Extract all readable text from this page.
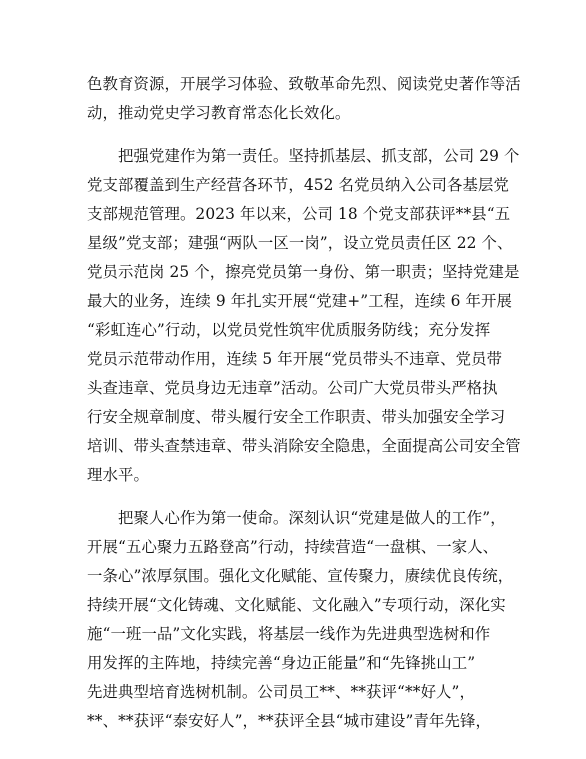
色教育资源，开展学习体验、致敬革命先烈、阅读党史著作等活
动，推动党史学习教育常态化长效化。
　　把强党建作为第一责任。坚持抓基层、抓支部，公司 29 个
党支部覆盖到生产经营各环节，452 名党员纳入公司各基层党
支部规范管理。2023 年以来，公司 18 个党支部获评**县“五
星级”党支部；建强“两队一区一岗”，设立党员责任区 22 个、
党员示范岗 25 个，擦亮党员第一身份、第一职责；坚持党建是
最大的业务，连续 9 年扎实开展“党建+”工程，连续 6 年开展
“彩虹连心”行动，以党员党性筑牢优质服务防线；充分发挥
党员示范带动作用，连续 5 年开展“党员带头不违章、党员带
头查违章、党员身边无违章”活动。公司广大党员带头严格执
行安全规章制度、带头履行安全工作职责、带头加强安全学习
培训、带头查禁违章、带头消除安全隐患，全面提高公司安全管
理水平。
　　把聚人心作为第一使命。深刻认识“党建是做人的工作”，
开展“五心聚力五路登高”行动，持续营造“一盘棋、一家人、
一条心”浓厚氛围。强化文化赋能、宣传聚力，赓续优良传统，
持续开展“文化铸魂、文化赋能、文化融入”专项行动，深化实
施“一班一品”文化实践，将基层一线作为先进典型选树和作
用发挥的主阵地，持续完善“身边正能量”和“先锋挑山工”
先进典型培育选树机制。公司员工**、**获评“**好人”，
**、**获评“泰安好人”，**获评全县“城市建设”青年先锋，
